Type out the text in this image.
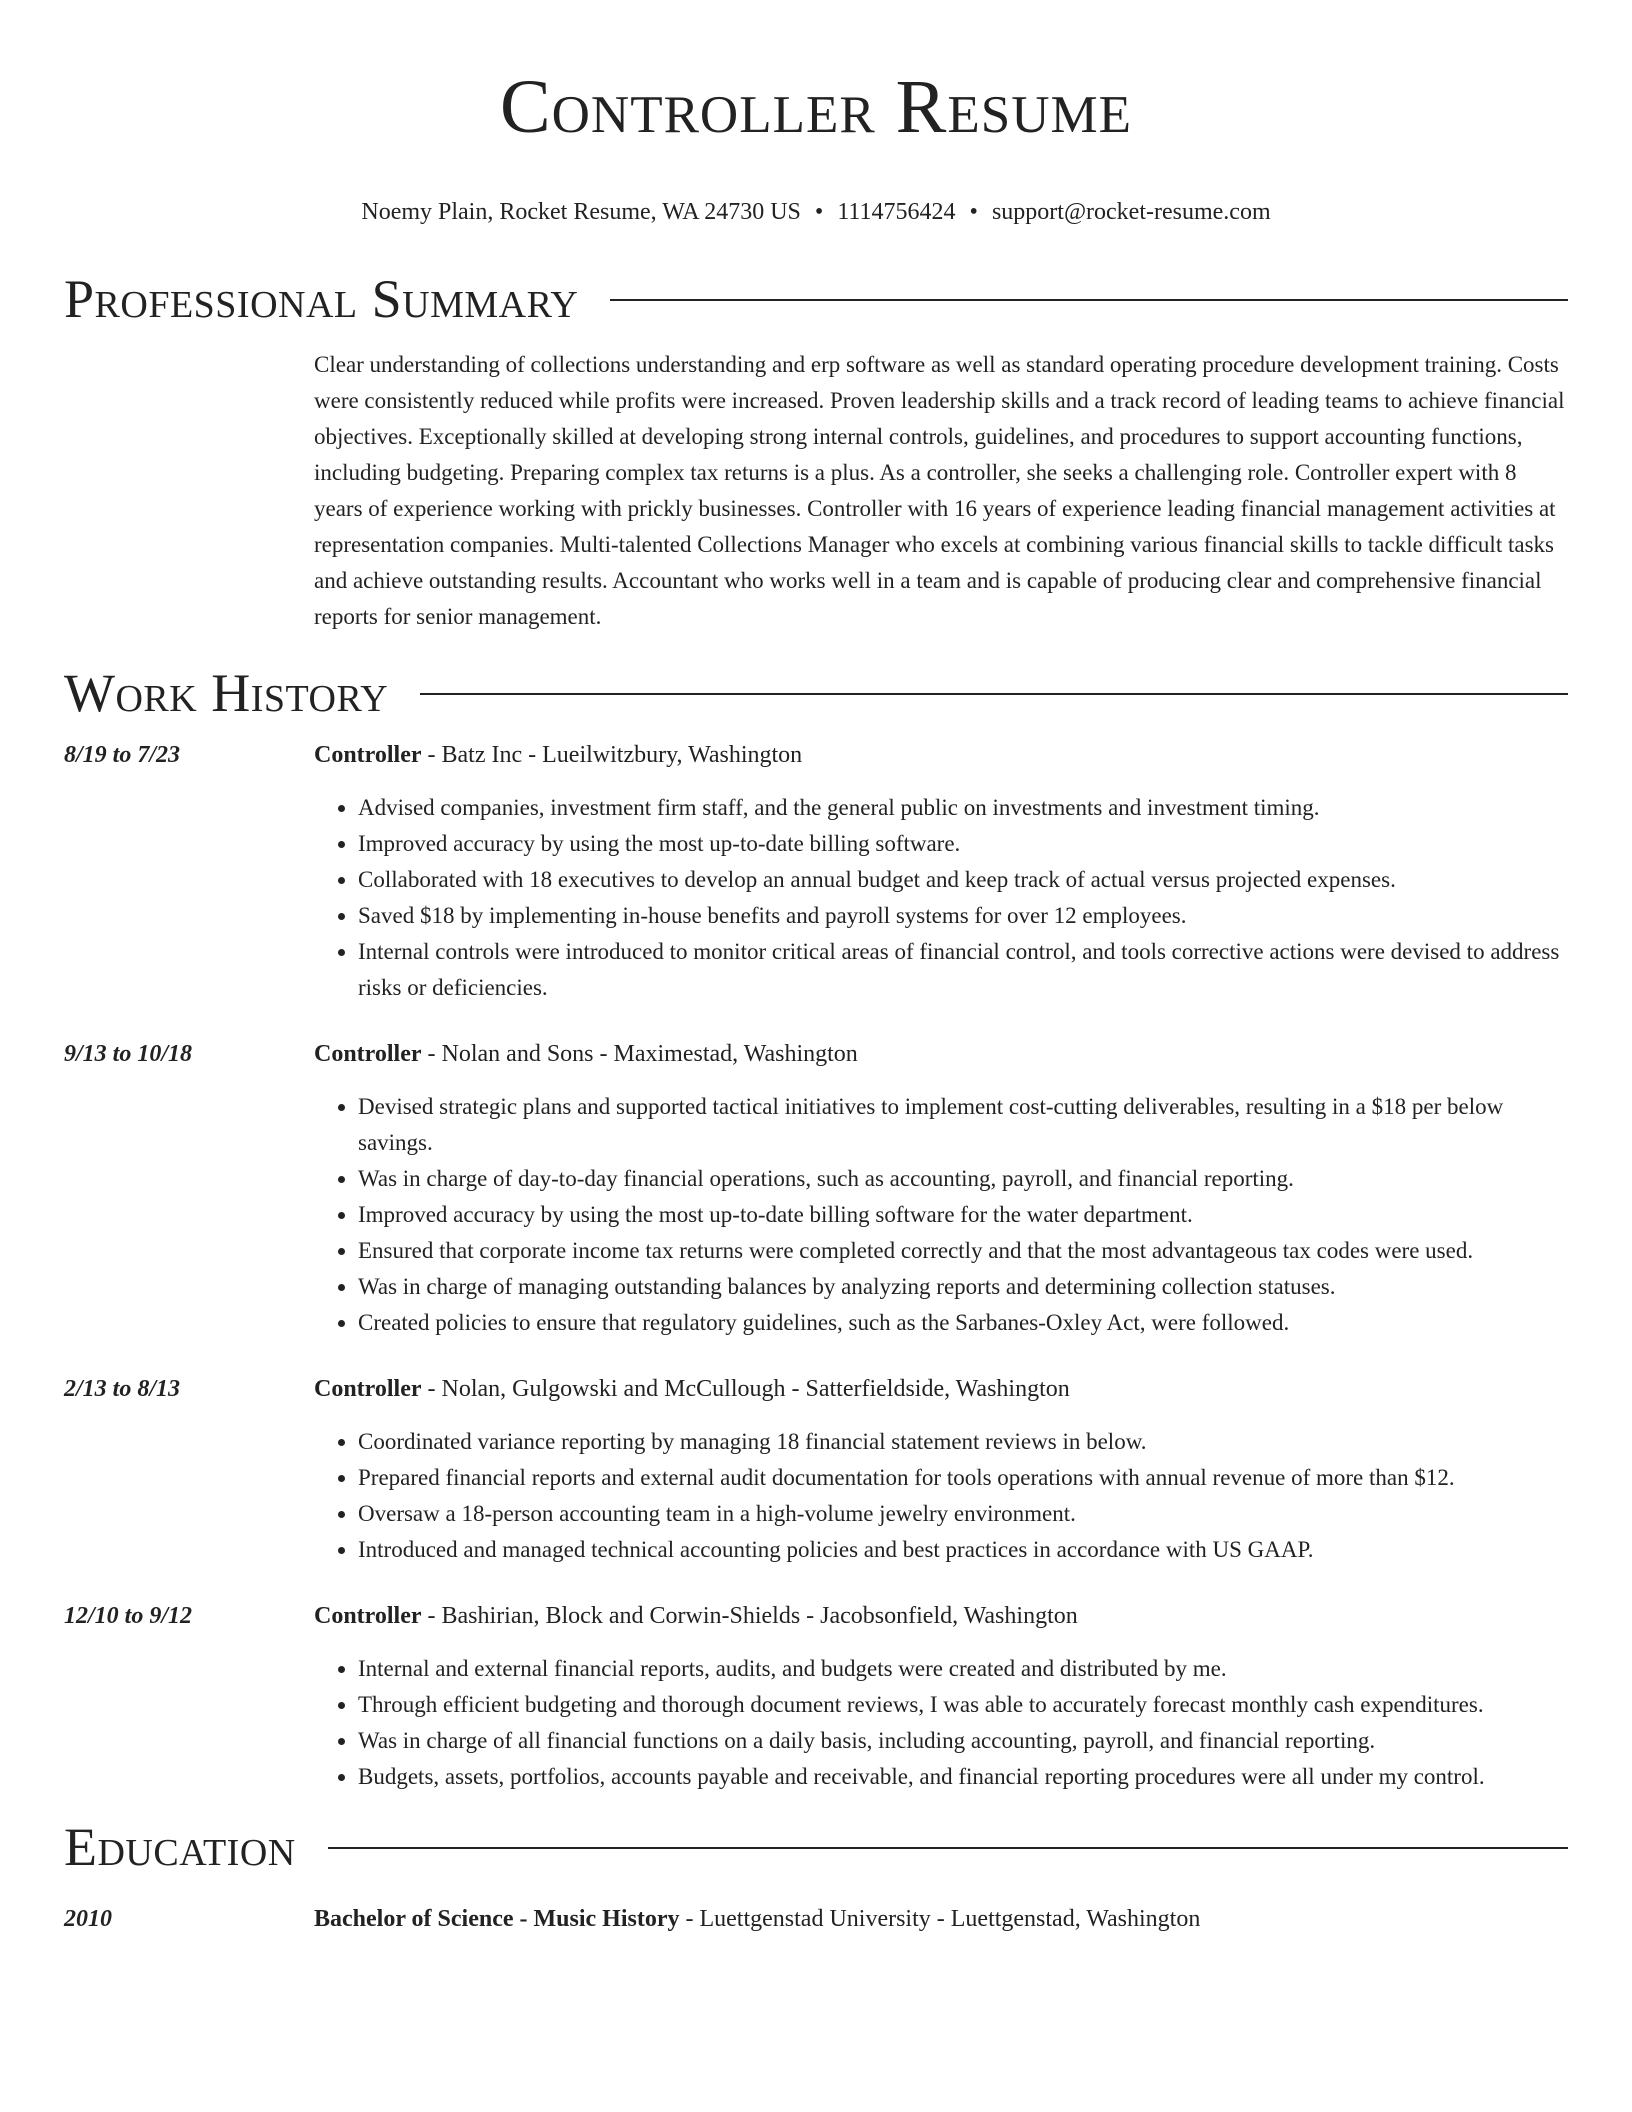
Controller Resume
Noemy Plain, Rocket Resume, WA 24730 US • 1114756424 • support@rocket-resume.com
Professional Summary

Clear understanding of collections understanding and erp software as well as standard operating procedure development training. Costs were consistently reduced while profits were increased. Proven leadership skills and a track record of leading teams to achieve financial objectives. Exceptionally skilled at developing strong internal controls, guidelines, and procedures to support accounting functions, including budgeting. Preparing complex tax returns is a plus. As a controller, she seeks a challenging role. Controller expert with 8 years of experience working with prickly businesses. Controller with 16 years of experience leading financial management activities at representation companies. Multi-talented Collections Manager who excels at combining various financial skills to tackle difficult tasks and achieve outstanding results. Accountant who works well in a team and is capable of producing clear and comprehensive financial reports for senior management.

Work History
8/19 to 7/23	Controller - Batz Inc - Lueilwitzbury, Washington
• Advised companies, investment firm staff, and the general public on investments and investment timing.
• Improved accuracy by using the most up-to-date billing software.
• Collaborated with 18 executives to develop an annual budget and keep track of actual versus projected expenses.
• Saved $18 by implementing in-house benefits and payroll systems for over 12 employees.
• Internal controls were introduced to monitor critical areas of financial control, and tools corrective actions were devised to address risks or deficiencies.
9/13 to 10/18	Controller - Nolan and Sons - Maximestad, Washington
• Devised strategic plans and supported tactical initiatives to implement cost-cutting deliverables, resulting in a $18 per below savings.
• Was in charge of day-to-day financial operations, such as accounting, payroll, and financial reporting.
• Improved accuracy by using the most up-to-date billing software for the water department.
• Ensured that corporate income tax returns were completed correctly and that the most advantageous tax codes were used.
• Was in charge of managing outstanding balances by analyzing reports and determining collection statuses.
• Created policies to ensure that regulatory guidelines, such as the Sarbanes-Oxley Act, were followed.
2/13 to 8/13	Controller - Nolan, Gulgowski and McCullough - Satterfieldside, Washington
• Coordinated variance reporting by managing 18 financial statement reviews in below.
• Prepared financial reports and external audit documentation for tools operations with annual revenue of more than $12.
• Oversaw a 18-person accounting team in a high-volume jewelry environment.
• Introduced and managed technical accounting policies and best practices in accordance with US GAAP.
12/10 to 9/12	Controller - Bashirian, Block and Corwin-Shields - Jacobsonfield, Washington
• Internal and external financial reports, audits, and budgets were created and distributed by me.
• Through efficient budgeting and thorough document reviews, I was able to accurately forecast monthly cash expenditures.
• Was in charge of all financial functions on a daily basis, including accounting, payroll, and financial reporting.
• Budgets, assets, portfolios, accounts payable and receivable, and financial reporting procedures were all under my control.
Education
2010	Bachelor of Science - Music History - Luettgenstad University - Luettgenstad, Washington
